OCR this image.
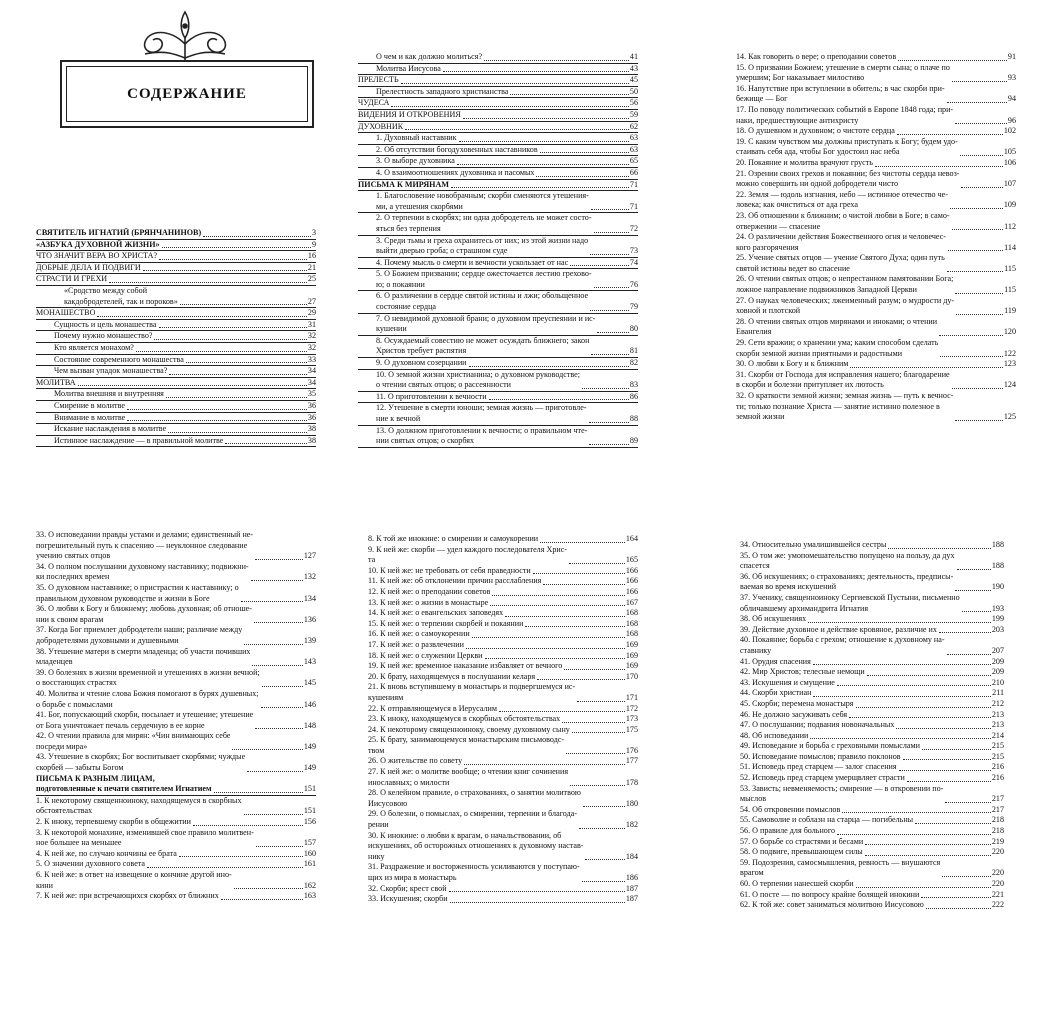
СОДЕРЖАНИЕ
СВЯТИТЕЛЬ ИГНАТИЙ (БРЯНЧАНИНОВ)	3
«АЗБУКА ДУХОВНОЙ ЖИЗНИ»	9
ЧТО ЗНАЧИТ ВЕРА ВО ХРИСТА?	16
ДОБРЫЕ ДЕЛА И ПОДВИГИ	21
СТРАСТИ И ГРЕХИ	25
«Сродство между собой
какдобродетелей, так и пороков»	27
МОНАШЕСТВО	29
Сущность и цель монашества	31
Почему нужно монашество?	32
Кто является монахом?	32
Состояние современного монашества	33
Чем вызван упадок монашества?	34
МОЛИТВА	34
Молитва внешняя и внутренняя	35
Смирение в молитве	36
Внимание в молитве	36
Искание наслаждения в молитве	38
Истинное наслаждение — в правильной молитве	38
О чем и как должно молиться?	41
Молитва Иисусова	43
ПРЕЛЕСТЬ	45
Прелестность западного христианства	50
ЧУДЕСА	56
ВИДЕНИЯ И ОТКРОВЕНИЯ	59
ДУХОВНИК	62
1. Духовный наставник	63
2. Об отсутствии богодуховенных наставников	63
3. О выборе духовника	65
4. О взаимоотношениях духовника и пасомых	66
ПИСЬМА К МИРЯНАМ	71
1. Благословение новобрачным; скорби сменяются утешения-
ми, а утешения скорбями	71
2. О терпении в скорбях; ни одна добродетель не может состо-
яться без терпения	72
3. Среди тьмы и греха охранитесь от них; из этой жизни надо
выйти дверью гроба; о страшном суде	73
4. Почему мысль о смерти и вечности ускользает от нас	74
5. О Божием призвании; сердце ожесточается лестию грехово-
ю; о покаянии	76
6. О различении в сердце святой истины и лжи; обольщенное
состояние сердца	79
7. О невидимой духовной брани; о духовном преуспеянии и ис-
кушении	80
8. Осуждаемый совестию не может осуждать ближнего; закон
Христов требует распятия	81
9. О духовном созерцании	82
10. О земной жизни христианина; о духовном руководстве;
о чтении святых отцов; о рассеянности	83
11. О приготовлении к вечности	86
12. Утешение в смерти юноши; земная жизнь — приготовле-
ние к вечной	88
13. О должном приготовлении к вечности; о правильном чте-
нии святых отцов; о скорбях	89
14. Как говорить о вере; о преподании советов	91
15. О призвании Божием; утешение в смерти сына; о плаче по
умершим; Бог наказывает милостиво	93
16. Напутствие при вступлении в обитель; в час скорби при-
бежище — Бог	94
17. По поводу политических событий в Европе 1848 года; при-
наки, предшествующие антихристу	96
18. О душевном и духовном; о чистоте сердца	102
19. С каким чувством мы должны приступать к Богу; будем удо-
стаивать себя ада, чтобы Бог удостоил нас неба	105
20. Покаяние и молитва врачуют грусть	106
21. Озрении своих грехов и покаянии; без чистоты сердца невоз-
можно совершить ни одной добродетели чисто	107
22. Земля — юдоль изгнания, небо — истинное отечество че-
ловека; как очиститься от ада греха	109
23. Об отношении к ближним; о чистой любви в Боге; в само-
отвержении — спасение	112
24. О различении действия Божественного огня и человечес-
кого разгорячения	114
25. Учение святых отцов — учение Святого Духа; один путь
святой истины ведет во спасение	115
26. О чтении святых отцов; о непрестанном памятовании Бога;
ложное направление подвижников Западной Церкви	115
27. О науках человеческих; лжеименный разум; о мудрости ду-
ховной и плотской	119
28. О чтении святых отцов мирянами и иноками; о чтении
Евангелия	120
29. Сети вражии; о хранении ума; каким способом сделать
скорби земной жизни приятными и радостными	122
30. О любви к Богу и к ближним	123
31. Скорби от Господа для исправления нашего; благодарение
в скорби и болезни притупляет их лютость	124
32. О краткости земной жизни; земная жизнь — путь к вечнос-
ти; только познание Христа — занятие истинно полезное в
земной жизни	125
33. О исповедании правды устами и делами; единственный не-
погрешительный путь к спасению — неуклонное следование
учению святых отцов	127
34. О полном послушании духовному наставнику; подвижни-
ки последних времен	132
35. О духовном наставнике; о пристрастии к наставнику; о
правильном духовном руководстве и жизни в Боге	134
36. О любви к Богу и ближнему; любовь духовная; об отноше-
нии к своим врагам	136
37. Когда Бог приемлет добродетели наши; различие между
добродетелями духовными и душевными	139
38. Утешение матери в смерти младенца; об участи почивших
младенцев	143
39. О болезнях в жизни временной и утешениях в жизни вечной;
о восстающих страстях	145
40. Молитва и чтение слова Божия помогают в бурях душевных;
о борьбе с помыслами	146
41. Бог, попускающий скорби, посылает и утешение; утешение
от Бога уничтожает печаль сердечную в ее корне	148
42. О чтении правила для мирян: «Чин внимающих себе
посреди мира»	149
43. Утешение в скорбях; Бог воспитывает скорбями; чуждые
скорбей — забыты Богом	149
ПИСЬМА К РАЗНЫМ ЛИЦАМ,
подготовленные к печати святителем Игнатием	151
1. К некоторому священноиноку, находящемуся в скорбных
обстоятельствах	151
2. К иноку, терпевшему скорби в общежитии	156
3. К некоторой монахине, изменившей свое правило молитвен-
ное большее на меньшее	157
4. К ней же, по случаю кончины ее брата	160
5. О значении духовного совета	161
6. К ней же: в ответ на извещение о кончине другой ино-
кини	162
7. К ней же: при встречающихся скорбях от ближних	163
8. К той же инокине: о смирении и самоукорении	164
9. К ней же: скорби — удел каждого последователя Хрис-
та	165
10. К ней же: не требовать от себя праведности	166
11. К ней же: об отклонении причин расслабления	166
12. К ней же: о преподании советов	166
13. К ней же: о жизни в монастыре	167
14. К ней же: о евангельских заповедях	168
15. К ней же: о терпении скорбей и покаянии	168
16. К ней же: о самоукорении	168
17. К ней же: о развлечении	169
18. К ней же: о служении Церкви	169
19. К ней же: временное наказание избавляет от вечного	169
20. К брату, находящемуся в послушании келаря	170
21. К вновь вступившему в монастырь и подвергшемуся ис-
кушениям	171
22. К отправляющемуся в Иерусалим	172
23. К иноку, находящемуся в скорбных обстоятельствах	173
24. К некоторому священноиноку, своему духовному сыну	175
25. К брату, занимающемуся монастырским письмоводс-
твом	176
26. О жительстве по совету	177
27. К ней же: о молитве вообще; о чтении книг сочинения
инославных; о милости	178
28. О келейном правиле, о страхованиях, о занятии молитвою
Иисусовою	180
29. О болезни, о помыслах, о смирении, терпении и благода-
рении	182
30. К инокине: о любви к врагам, о начальствовании, об
искушениях, об осторожных отношениях к духовному настав-
нику	184
31. Раздражение и восторженность усиливаются у поступаю-
щих из мира в монастырь	186
32. Скорби; крест свой	187
33. Искушения; скорби	187
34. Относительно умалишившейся сестры	188
35. О том же: умопомешательство попущено на пользу, да дух
спасется	188
36. Об искушениях; о страхованиях; деятельность, предписы-
ваемая во время искушений	190
37. Ученику, священноиноку Сергиевской Пустыни, письменно
обличавшему архимандрита Игнатия	193
38. Об искушениях	199
39. Действие духовное и действие кровяное, различие их	203
40. Покаяние; борьба с грехом; отношение к духовному на-
ставнику	207
41. Орудия спасения	209
42. Мир Христов; телесные немощи	209
43. Искушения и смущение	210
44. Скорби христиан	211
45. Скорби; перемена монастыря	212
46. Не должно засуживать себя	213
47. О послушании; подвания новоначальных	213
48. Об исповедании	214
49. Исповедание и борьба с греховными помыслами	215
50. Исповедание помыслов; правило поклонов	215
51. Исповедь пред старцем — залог спасения	216
52. Исповедь пред старцем умерщвляет страсти	216
53. Зависть; невменяемость; смирение — в откровении по-
мыслов	217
54. Об откровении помыслов	217
55. Самоволие и соблазн на старца — погибельны	218
56. О правиле для больного	218
57. О борьбе со страстями и бесами	219
58. О подвиге, превышающем силы	220
59. Подозрения, самосмышления, ревность — внушаются
врагом	220
60. О терпении нанесшей скорби	220
61. О посте — по вопросу крайне болящей инокини	221
62. К той же: совет заниматься молитвою Иисусовою	222
